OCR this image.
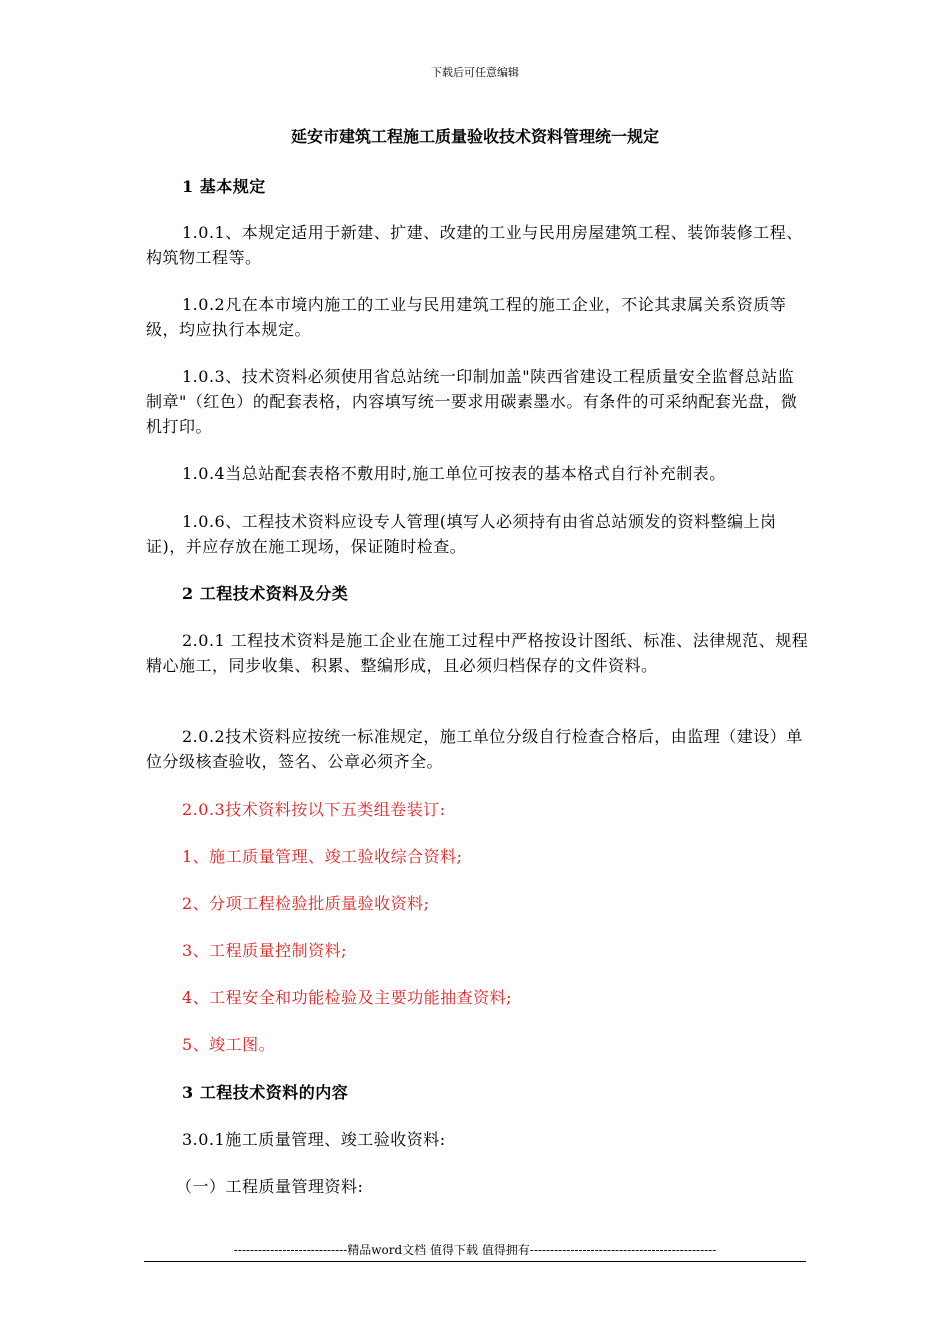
下载后可任意编辑
延安市建筑工程施工质量验收技术资料管理统一规定

1 基本规定

1.0.1、本规定适用于新建、扩建、改建的工业与民用房屋建筑工程、装饰装修工程、构筑物工程等。

1.0.2凡在本市境内施工的工业与民用建筑工程的施工企业，不论其隶属关系资质等级，均应执行本规定。

1.0.3、技术资料必须使用省总站统一印制加盖"陕西省建设工程质量安全监督总站监制章"（红色）的配套表格，内容填写统一要求用碳素墨水。有条件的可采纳配套光盘，微机打印。

1.0.4当总站配套表格不敷用时,施工单位可按表的基本格式自行补充制表。

1.0.6、工程技术资料应设专人管理(填写人必须持有由省总站颁发的资料整编上岗证)，并应存放在施工现场，保证随时检查。

2 工程技术资料及分类

2.0.1 工程技术资料是施工企业在施工过程中严格按设计图纸、标准、法律规范、规程精心施工，同步收集、积累、整编形成，且必须归档保存的文件资料。

2.0.2技术资料应按统一标准规定，施工单位分级自行检查合格后，由监理（建设）单位分级核查验收，签名、公章必须齐全。

2.0.3技术资料按以下五类组卷装订:

1、施工质量管理、竣工验收综合资料;

2、分项工程检验批质量验收资料;

3、工程质量控制资料;

4、工程安全和功能检验及主要功能抽查资料;

5、竣工图。

3 工程技术资料的内容

3.0.1施工质量管理、竣工验收资料:

（一）工程质量管理资料:

----------------------------精品word文档 值得下载 值得拥有----------------------------------------------
